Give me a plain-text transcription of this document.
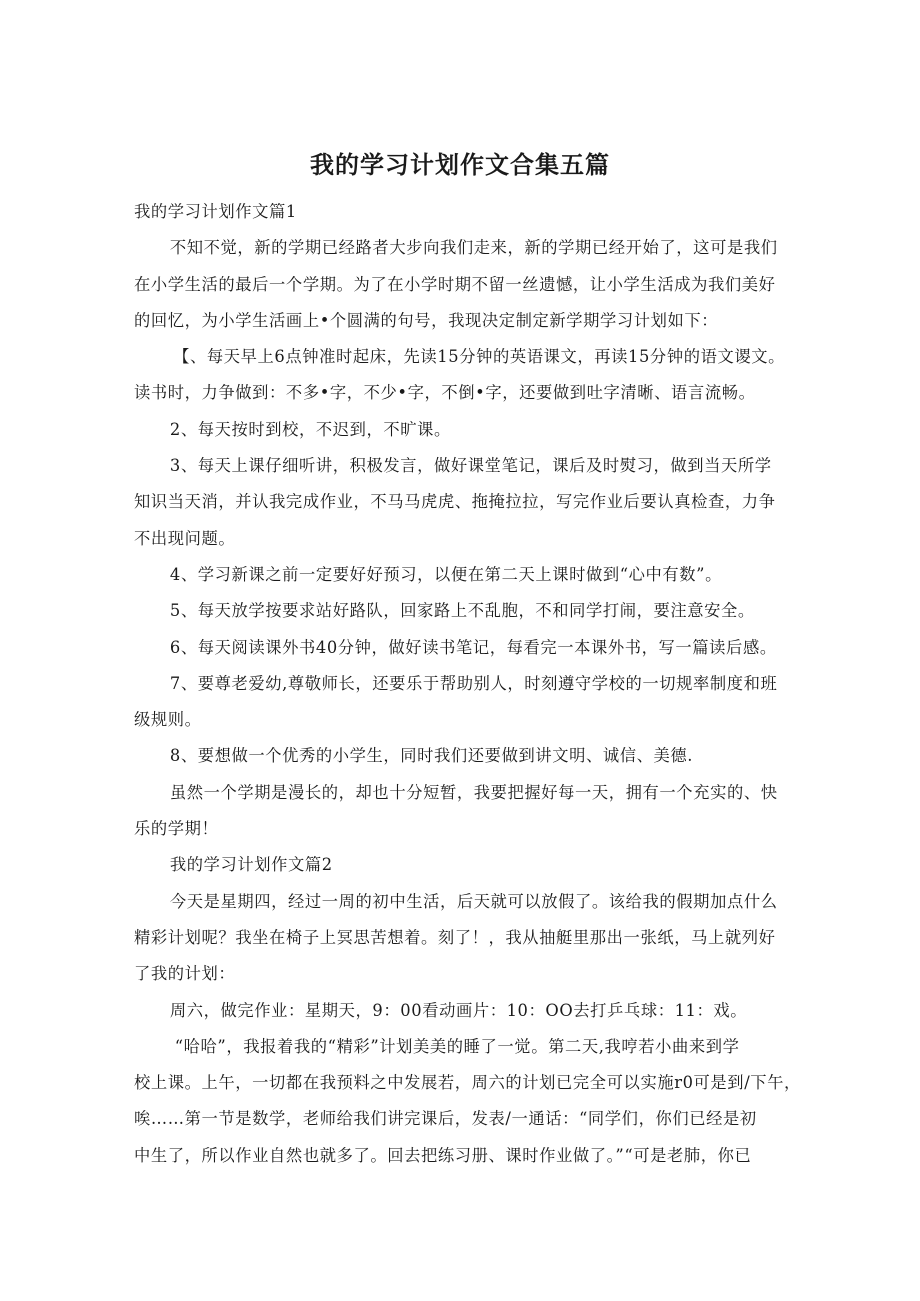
我的学习计划作文合集五篇

我的学习计划作文篇1

不知不觉，新的学期已经路者大步向我们走来，新的学期已经开始了，这可是我们

在小学生活的最后一个学期。为了在小学时期不留一丝遗憾，让小学生活成为我们美好

的回忆，为小学生活画上•个圆满的句号，我现决定制定新学期学习计划如下：

【、每天早上6点钟准时起床，先读15分钟的英语课文，再读15分钟的语文谡文。

读书时，力争做到：不多•字，不少•字，不倒•字，还要做到吐字清晰、语言流畅。

2、每天按时到校，不迟到，不旷课。

3、每天上课仔细听讲，积极发言，做好课堂笔记，课后及时熨习，做到当天所学

知识当天消，并认我完成作业，不马马虎虎、拖掩拉拉，写完作业后要认真检查，力争

不出现问题。

4、学习新课之前一定要好好预习，以便在第二天上课时做到“心中有数”。

5、每天放学按要求站好路队，回家路上不乱胞，不和同学打闹，要注意安全。

6、每天阅读课外书40分钟，做好读书笔记，每看完一本课外书，写一篇读后感。

7、要尊老爱幼,尊敬师长，还要乐于帮助别人，时刻遵守学校的一切规率制度和班

级规则。

8、要想做一个优秀的小学生，同时我们还要做到讲文明、诚信、美德.

虽然一个学期是漫长的，却也十分短暂，我要把握好每一天，拥有一个充实的、快

乐的学期！

我的学习计划作文篇2

今天是星期四，经过一周的初中生活，后天就可以放假了。该给我的假期加点什么

精彩计划呢？我坐在椅子上冥思苦想着。刻了！，我从抽艇里那出一张纸，马上就列好

了我的计划：

周六，做完作业：星期天，9：00看动画片：10：OO去打乒乓球：11：戏。

“哈哈”，我报着我的“精彩”计划美美的睡了一觉。第二天,我哼若小曲来到学

校上课。上午，一切都在我预料之中发展若，周六的计划已完全可以实施r0可是到/下午，

唉……第一节是数学，老师给我们讲完课后，发表/一通话：“同学们，你们已经是初

中生了，所以作业自然也就多了。回去把练习册、课时作业做了。”“可是老肺，你已
